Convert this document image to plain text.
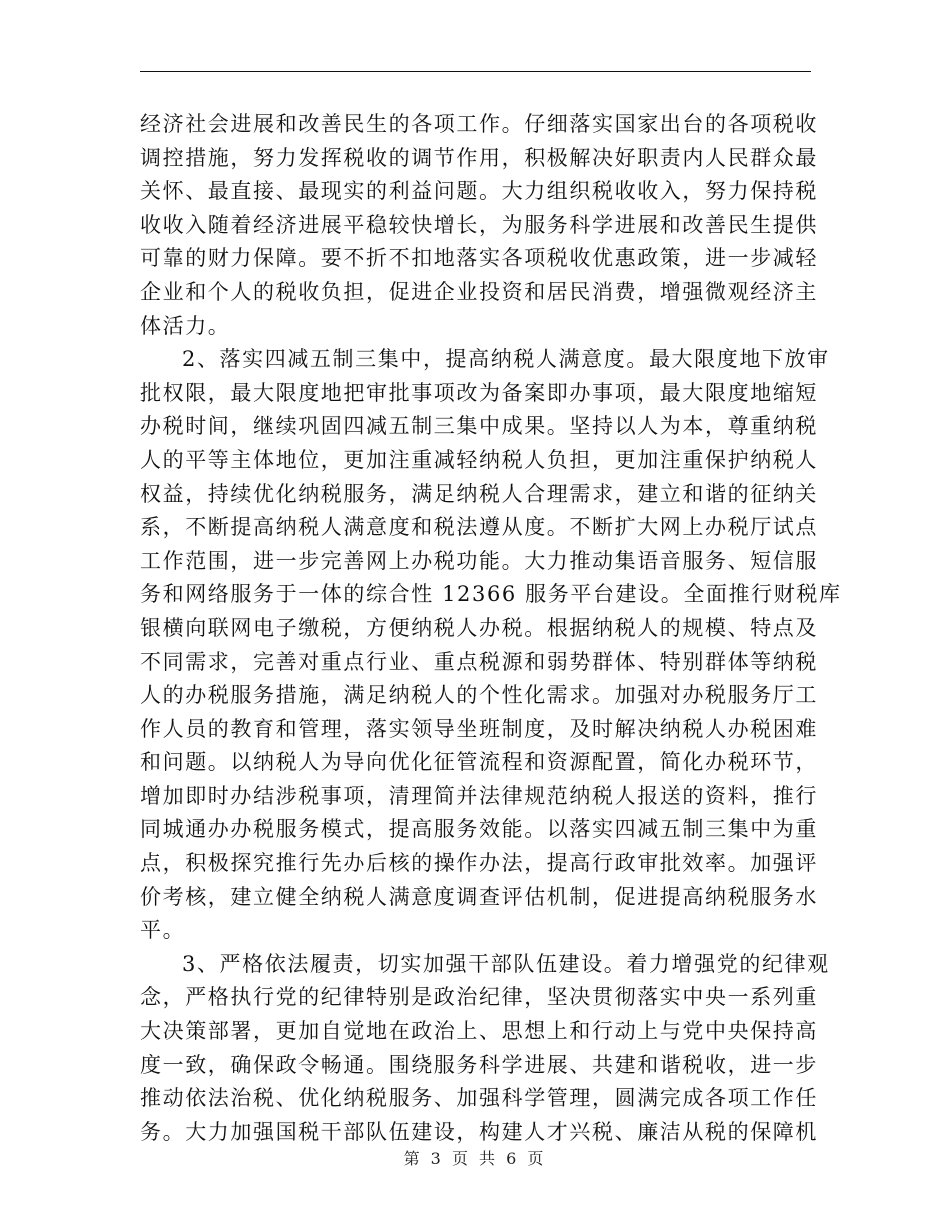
经济社会进展和改善民生的各项工作。仔细落实国家出台的各项税收
调控措施，努力发挥税收的调节作用，积极解决好职责内人民群众最
关怀、最直接、最现实的利益问题。大力组织税收收入，努力保持税
收收入随着经济进展平稳较快增长，为服务科学进展和改善民生提供
可靠的财力保障。要不折不扣地落实各项税收优惠政策，进一步减轻
企业和个人的税收负担，促进企业投资和居民消费，增强微观经济主
体活力。
2、落实四减五制三集中，提高纳税人满意度。最大限度地下放审
批权限，最大限度地把审批事项改为备案即办事项，最大限度地缩短
办税时间，继续巩固四减五制三集中成果。坚持以人为本，尊重纳税
人的平等主体地位，更加注重减轻纳税人负担，更加注重保护纳税人
权益，持续优化纳税服务，满足纳税人合理需求，建立和谐的征纳关
系，不断提高纳税人满意度和税法遵从度。不断扩大网上办税厅试点
工作范围，进一步完善网上办税功能。大力推动集语音服务、短信服
务和网络服务于一体的综合性 12366 服务平台建设。全面推行财税库
银横向联网电子缴税，方便纳税人办税。根据纳税人的规模、特点及
不同需求，完善对重点行业、重点税源和弱势群体、特别群体等纳税
人的办税服务措施，满足纳税人的个性化需求。加强对办税服务厅工
作人员的教育和管理，落实领导坐班制度，及时解决纳税人办税困难
和问题。以纳税人为导向优化征管流程和资源配置，简化办税环节，
增加即时办结涉税事项，清理简并法律规范纳税人报送的资料，推行
同城通办办税服务模式，提高服务效能。以落实四减五制三集中为重
点，积极探究推行先办后核的操作办法，提高行政审批效率。加强评
价考核，建立健全纳税人满意度调查评估机制，促进提高纳税服务水
平。
3、严格依法履责，切实加强干部队伍建设。着力增强党的纪律观
念，严格执行党的纪律特别是政治纪律，坚决贯彻落实中央一系列重
大决策部署，更加自觉地在政治上、思想上和行动上与党中央保持高
度一致，确保政令畅通。围绕服务科学进展、共建和谐税收，进一步
推动依法治税、优化纳税服务、加强科学管理，圆满完成各项工作任
务。大力加强国税干部队伍建设，构建人才兴税、廉洁从税的保障机
第 3 页 共 6 页
